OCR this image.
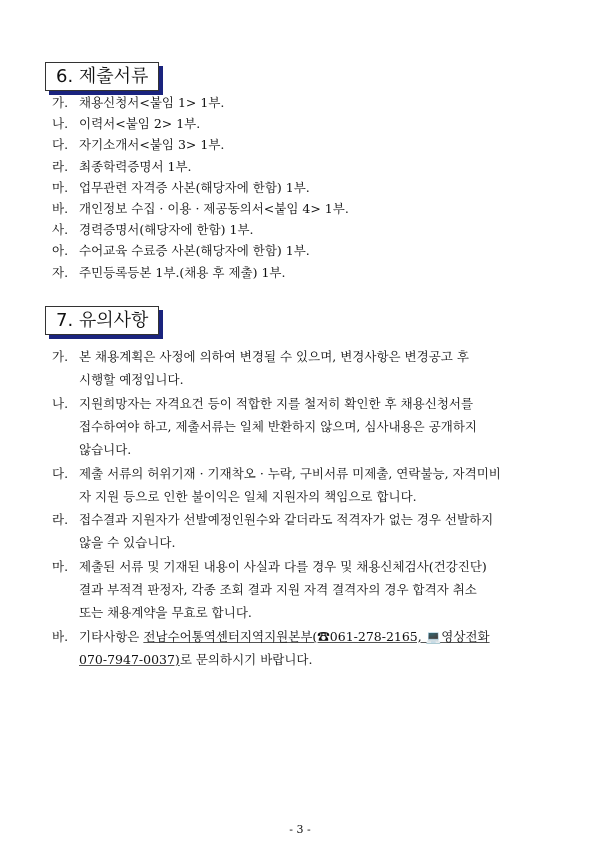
6. 제출서류
가. 채용신청서<붙임 1> 1부.
나. 이력서<붙임 2> 1부.
다. 자기소개서<붙임 3> 1부.
라. 최종학력증명서 1부.
마. 업무관련 자격증 사본(해당자에 한함) 1부.
바. 개인정보 수집 · 이용 · 제공동의서<붙임 4> 1부.
사. 경력증명서(해당자에 한함) 1부.
아. 수어교육 수료증 사본(해당자에 한함) 1부.
자. 주민등록등본 1부.(채용 후 제출) 1부.
7. 유의사항
가. 본 채용계획은 사정에 의하여 변경될 수 있으며, 변경사항은 변경공고 후
시행할 예정입니다.
나. 지원희망자는 자격요건 등이 적합한 지를 철저히 확인한 후 채용신청서를
접수하여야 하고, 제출서류는 일체 반환하지 않으며, 심사내용은 공개하지
않습니다.
다. 제출 서류의 허위기재 · 기재착오 · 누락, 구비서류 미제출, 연락불능, 자격미비
자 지원 등으로 인한 불이익은 일체 지원자의 책임으로 합니다.
라. 접수결과 지원자가 선발예정인원수와 같더라도 적격자가 없는 경우 선발하지
않을 수 있습니다.
마. 제출된 서류 및 기재된 내용이 사실과 다를 경우 및 채용신체검사(건강진단)
결과 부적격 판정자, 각종 조회 결과 지원 자격 결격자의 경우 합격자 취소
또는 채용계약을 무효로 합니다.
바. 기타사항은 전남수어통역센터지역지원본부(☎061-278-2165, 💻영상전화
070-7947-0037)로 문의하시기 바랍니다.
- 3 -
